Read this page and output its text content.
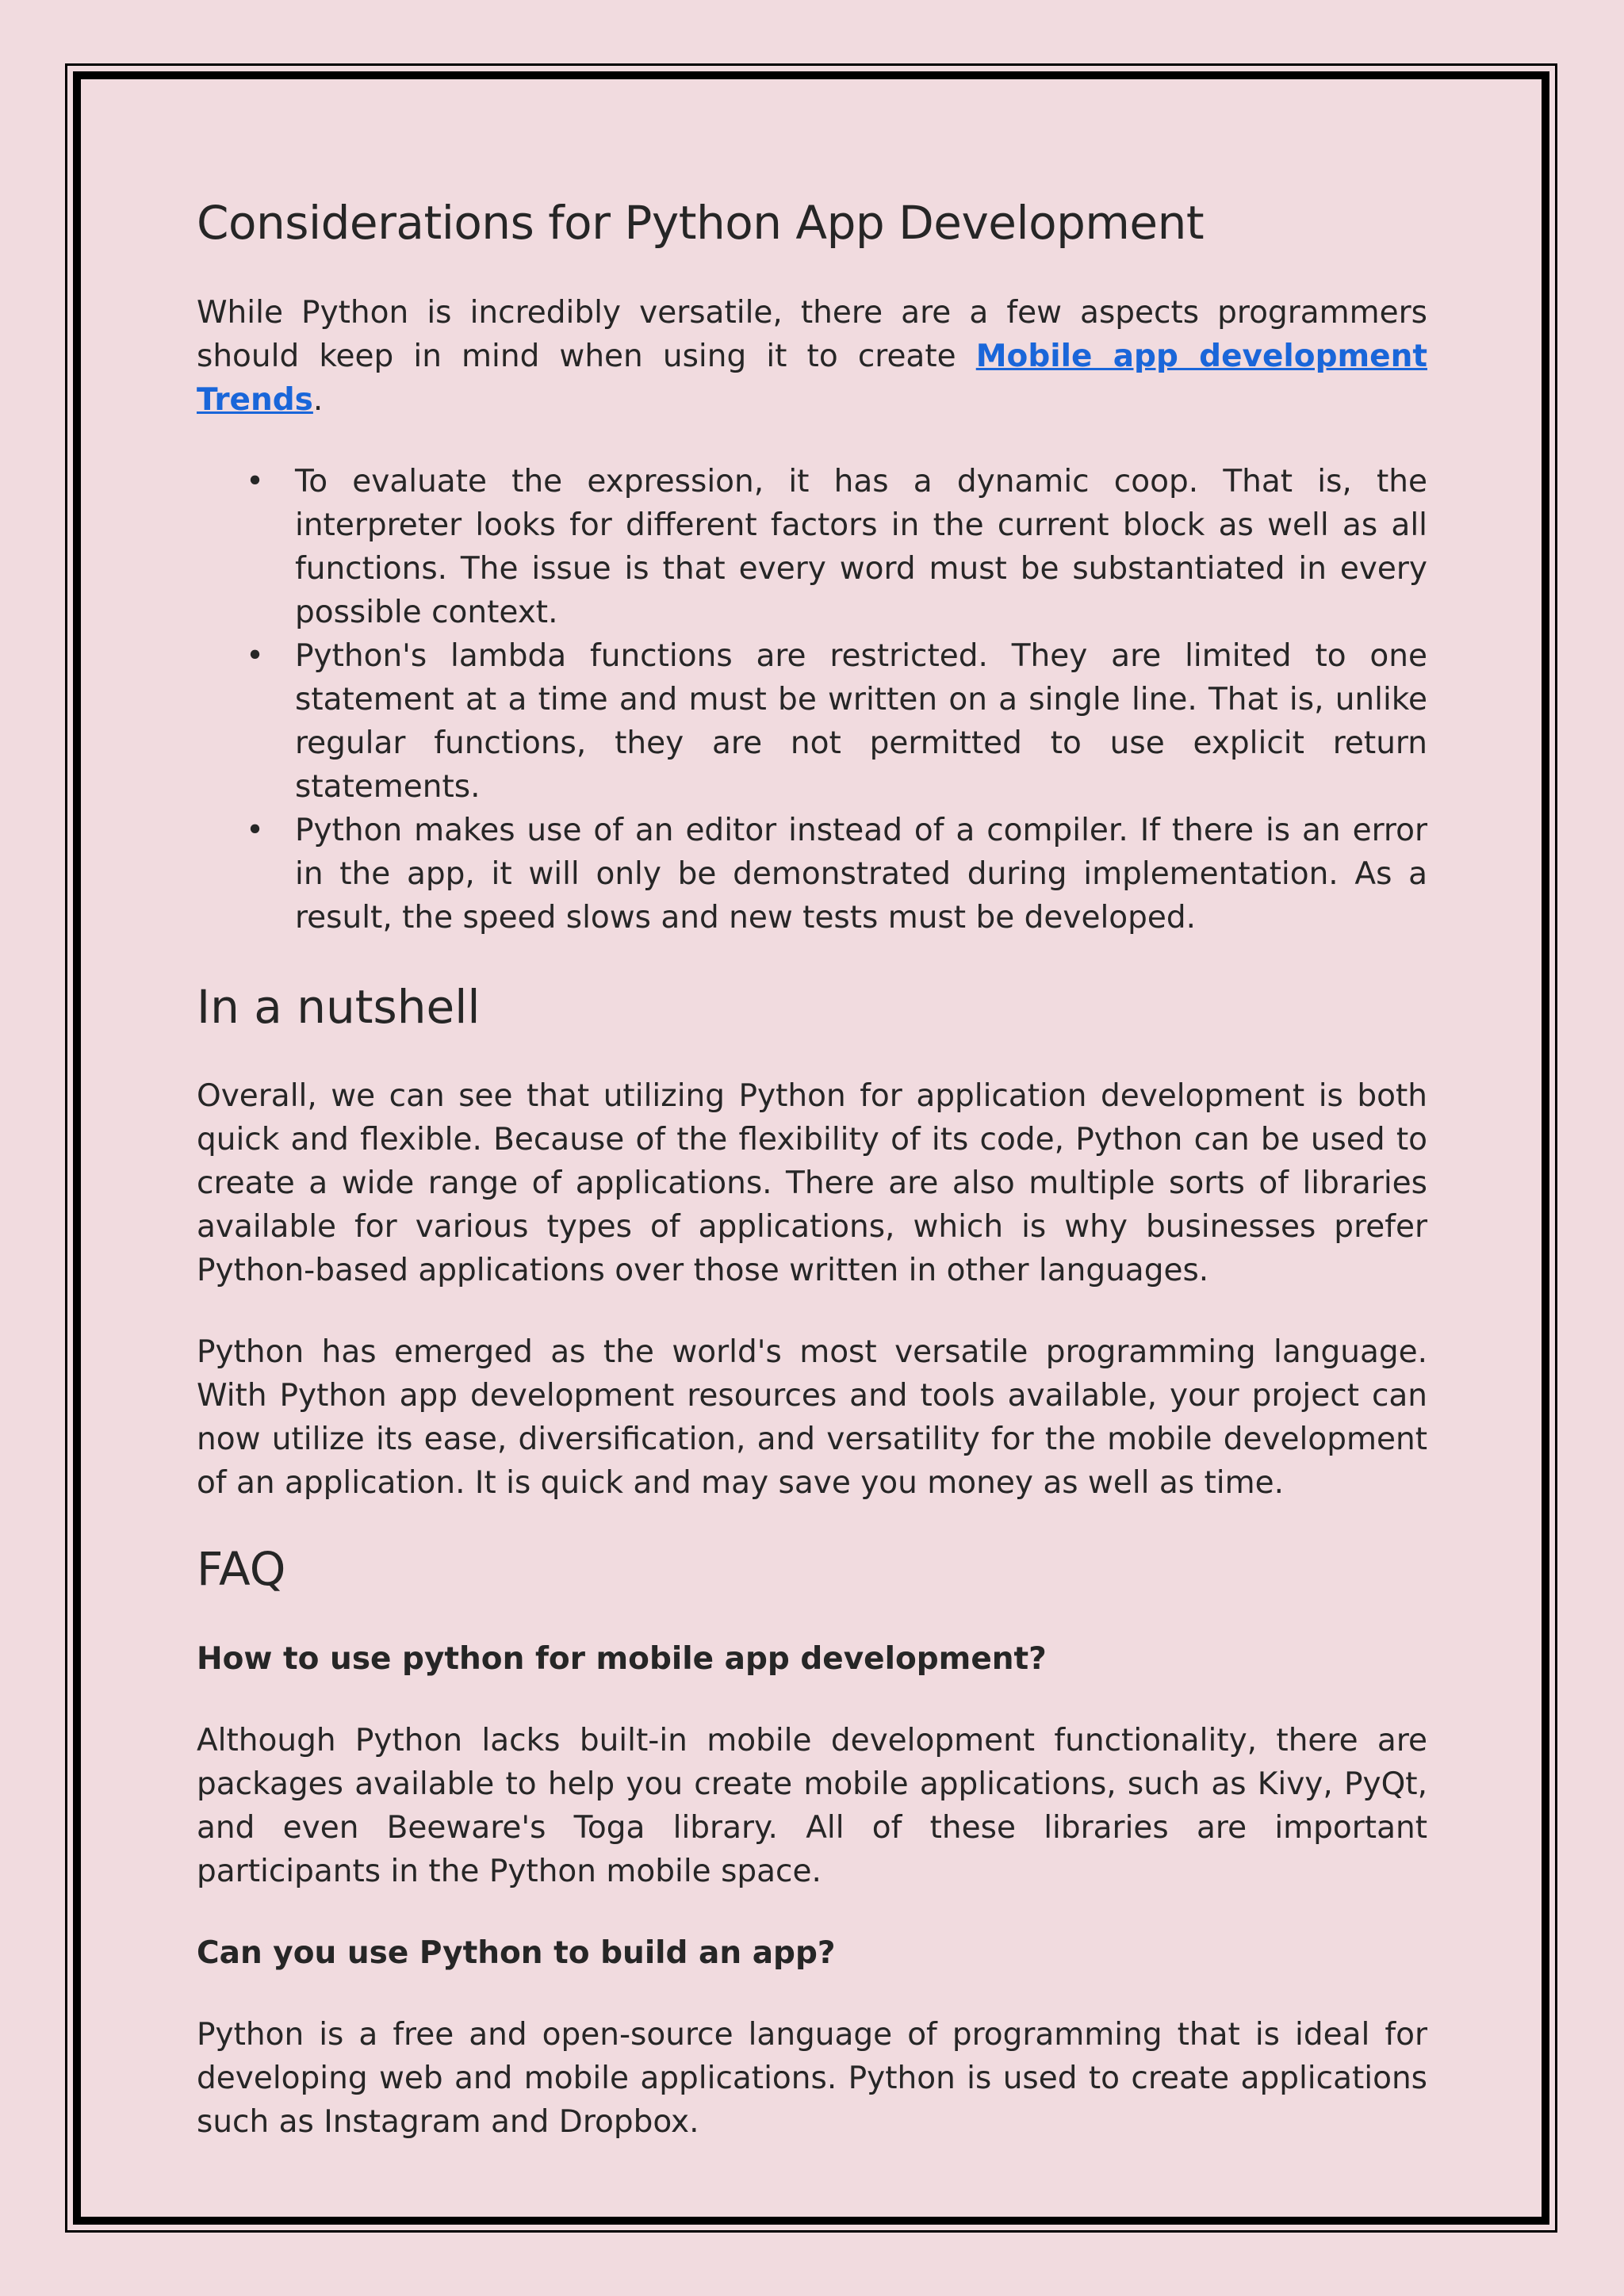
Considerations for Python App Development

While Python is incredibly versatile, there are a few aspects programmers should keep in mind when using it to create Mobile app development Trends.

• To evaluate the expression, it has a dynamic coop. That is, the interpreter looks for different factors in the current block as well as all functions. The issue is that every word must be substantiated in every possible context.
• Python's lambda functions are restricted. They are limited to one statement at a time and must be written on a single line. That is, unlike regular functions, they are not permitted to use explicit return statements.
• Python makes use of an editor instead of a compiler. If there is an error in the app, it will only be demonstrated during implementation. As a result, the speed slows and new tests must be developed.
In a nutshell

Overall, we can see that utilizing Python for application development is both quick and flexible. Because of the flexibility of its code, Python can be used to create a wide range of applications. There are also multiple sorts of libraries available for various types of applications, which is why businesses prefer Python-based applications over those written in other languages.

Python has emerged as the world's most versatile programming language. With Python app development resources and tools available, your project can now utilize its ease, diversification, and versatility for the mobile development of an application. It is quick and may save you money as well as time.

FAQ
How to use python for mobile app development?

Although Python lacks built-in mobile development functionality, there are packages available to help you create mobile applications, such as Kivy, PyQt, and even Beeware's Toga library. All of these libraries are important participants in the Python mobile space.

Can you use Python to build an app?

Python is a free and open-source language of programming that is ideal for developing web and mobile applications. Python is used to create applications such as Instagram and Dropbox.
